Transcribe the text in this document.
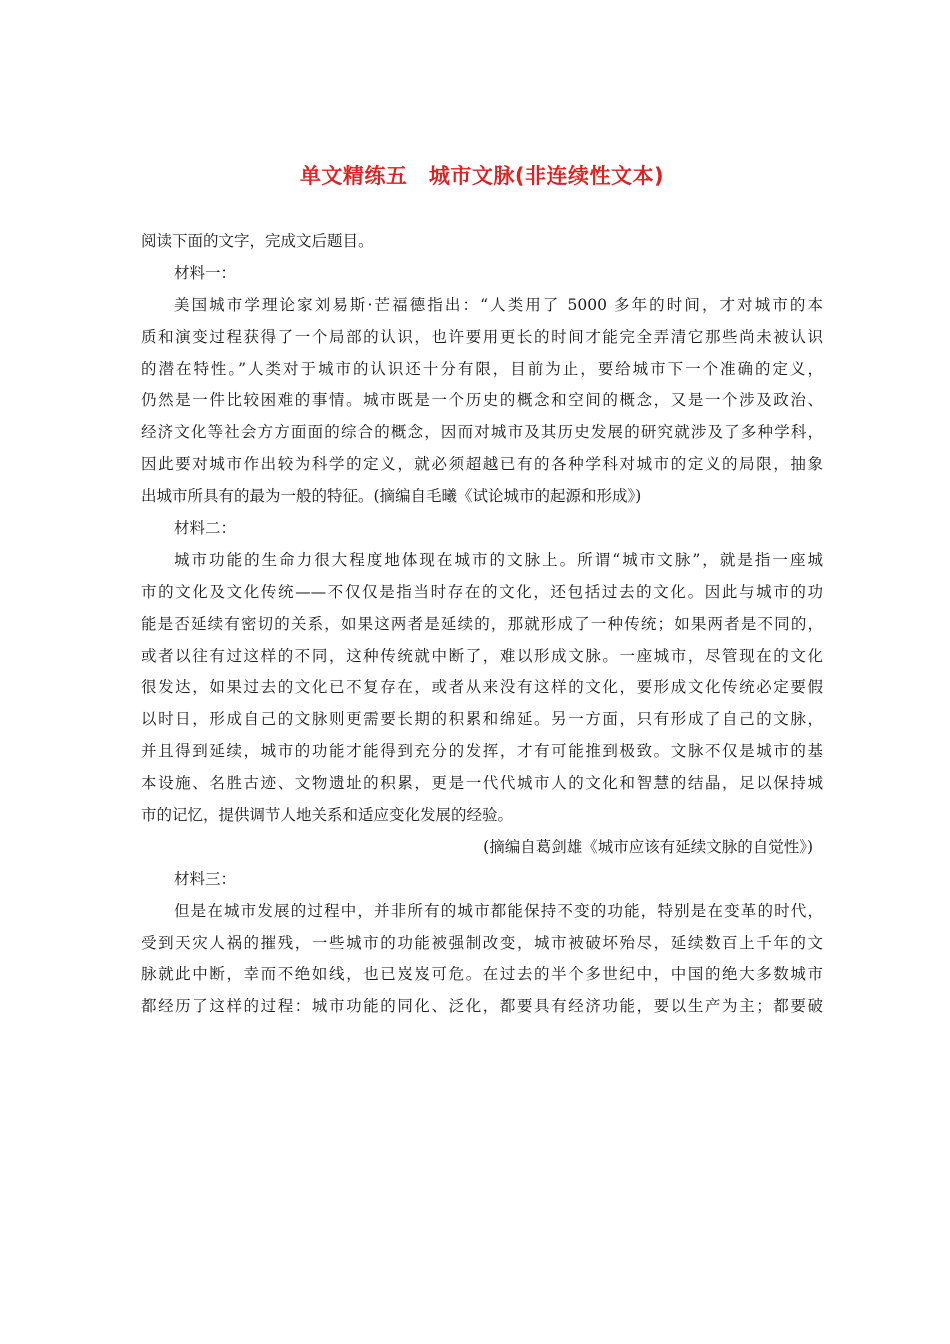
单文精练五　城市文脉(非连续性文本)
阅读下面的文字，完成文后题目。
材料一：
美国城市学理论家刘易斯·芒福德指出：“人类用了 5000 多年的时间，才对城市的本
质和演变过程获得了一个局部的认识，也许要用更长的时间才能完全弄清它那些尚未被认识
的潜在特性。”人类对于城市的认识还十分有限，目前为止，要给城市下一个准确的定义，
仍然是一件比较困难的事情。城市既是一个历史的概念和空间的概念，又是一个涉及政治、
经济文化等社会方方面面的综合的概念，因而对城市及其历史发展的研究就涉及了多种学科，
因此要对城市作出较为科学的定义，就必须超越已有的各种学科对城市的定义的局限，抽象
出城市所具有的最为一般的特征。(摘编自毛曦《试论城市的起源和形成》)
材料二：
城市功能的生命力很大程度地体现在城市的文脉上。所谓“城市文脉”，就是指一座城
市的文化及文化传统——不仅仅是指当时存在的文化，还包括过去的文化。因此与城市的功
能是否延续有密切的关系，如果这两者是延续的，那就形成了一种传统；如果两者是不同的，
或者以往有过这样的不同，这种传统就中断了，难以形成文脉。一座城市，尽管现在的文化
很发达，如果过去的文化已不复存在，或者从来没有这样的文化，要形成文化传统必定要假
以时日，形成自己的文脉则更需要长期的积累和绵延。另一方面，只有形成了自己的文脉，
并且得到延续，城市的功能才能得到充分的发挥，才有可能推到极致。文脉不仅是城市的基
本设施、名胜古迹、文物遗址的积累，更是一代代城市人的文化和智慧的结晶，足以保持城
市的记忆，提供调节人地关系和适应变化发展的经验。
(摘编自葛剑雄《城市应该有延续文脉的自觉性》)
材料三：
但是在城市发展的过程中，并非所有的城市都能保持不变的功能，特别是在变革的时代，
受到天灾人祸的摧残，一些城市的功能被强制改变，城市被破坏殆尽，延续数百上千年的文
脉就此中断，幸而不绝如线，也已岌岌可危。在过去的半个多世纪中，中国的绝大多数城市
都经历了这样的过程：城市功能的同化、泛化，都要具有经济功能，要以生产为主；都要破
